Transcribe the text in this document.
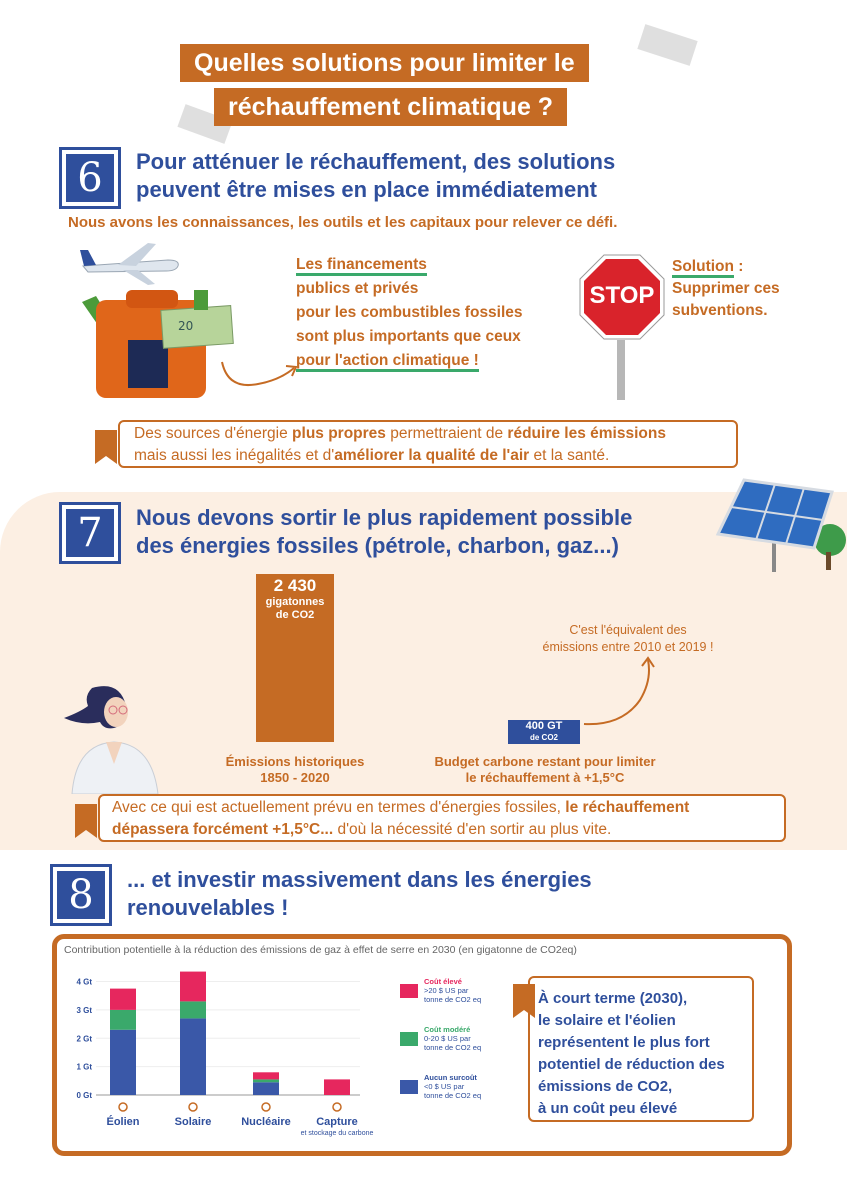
Quelles solutions pour limiter le
réchauffement climatique ?
6	Pour atténuer le réchauffement, des solutions
peuvent être mises en place immédiatement
Nous avons les connaissances, les outils et les capitaux pour relever ce défi.
20
Les financements
publics et privés
pour les combustibles fossiles
sont plus importants que ceux
pour l'action climatique !
STOP
Solution :
Supprimer ces
subventions.
Des sources d'énergie plus propres permettraient de réduire les émissions
mais aussi les inégalités et d'améliorer la qualité de l'air et la santé.
7	Nous devons sortir le plus rapidement possible
des énergies fossiles (pétrole, charbon, gaz...)
2 430
gigatonnes
de CO2
Émissions historiques
1850 - 2020
400 GT
de CO2
Budget carbone restant pour limiter
le réchauffement à +1,5°C
C'est l'équivalent des
émissions entre 2010 et 2019 !
Avec ce qui est actuellement prévu en termes d'énergies fossiles, le réchauffement
dépassera forcément +1,5°C... d'où la nécessité d'en sortir au plus vite.
8	... et investir massivement dans les énergies
renouvelables !
Contribution potentielle à la réduction des émissions de gaz à effet de serre en 2030 (en gigatonne de CO2eq)
0 Gt
1 Gt
2 Gt
3 Gt
4 Gt
Éolien	Solaire	Nucléaire Capture
et stockage du carbone
Coût élevé
>20 $ US par
tonne de CO2 eq
Coût modéré
0-20 $ US par
tonne de CO2 eq
Aucun surcoût
<0 $ US par
tonne de CO2 eq
À court terme (2030),
le solaire et l'éolien
représentent le plus fort
potentiel de réduction des
émissions de CO2,
à un coût peu élevé
